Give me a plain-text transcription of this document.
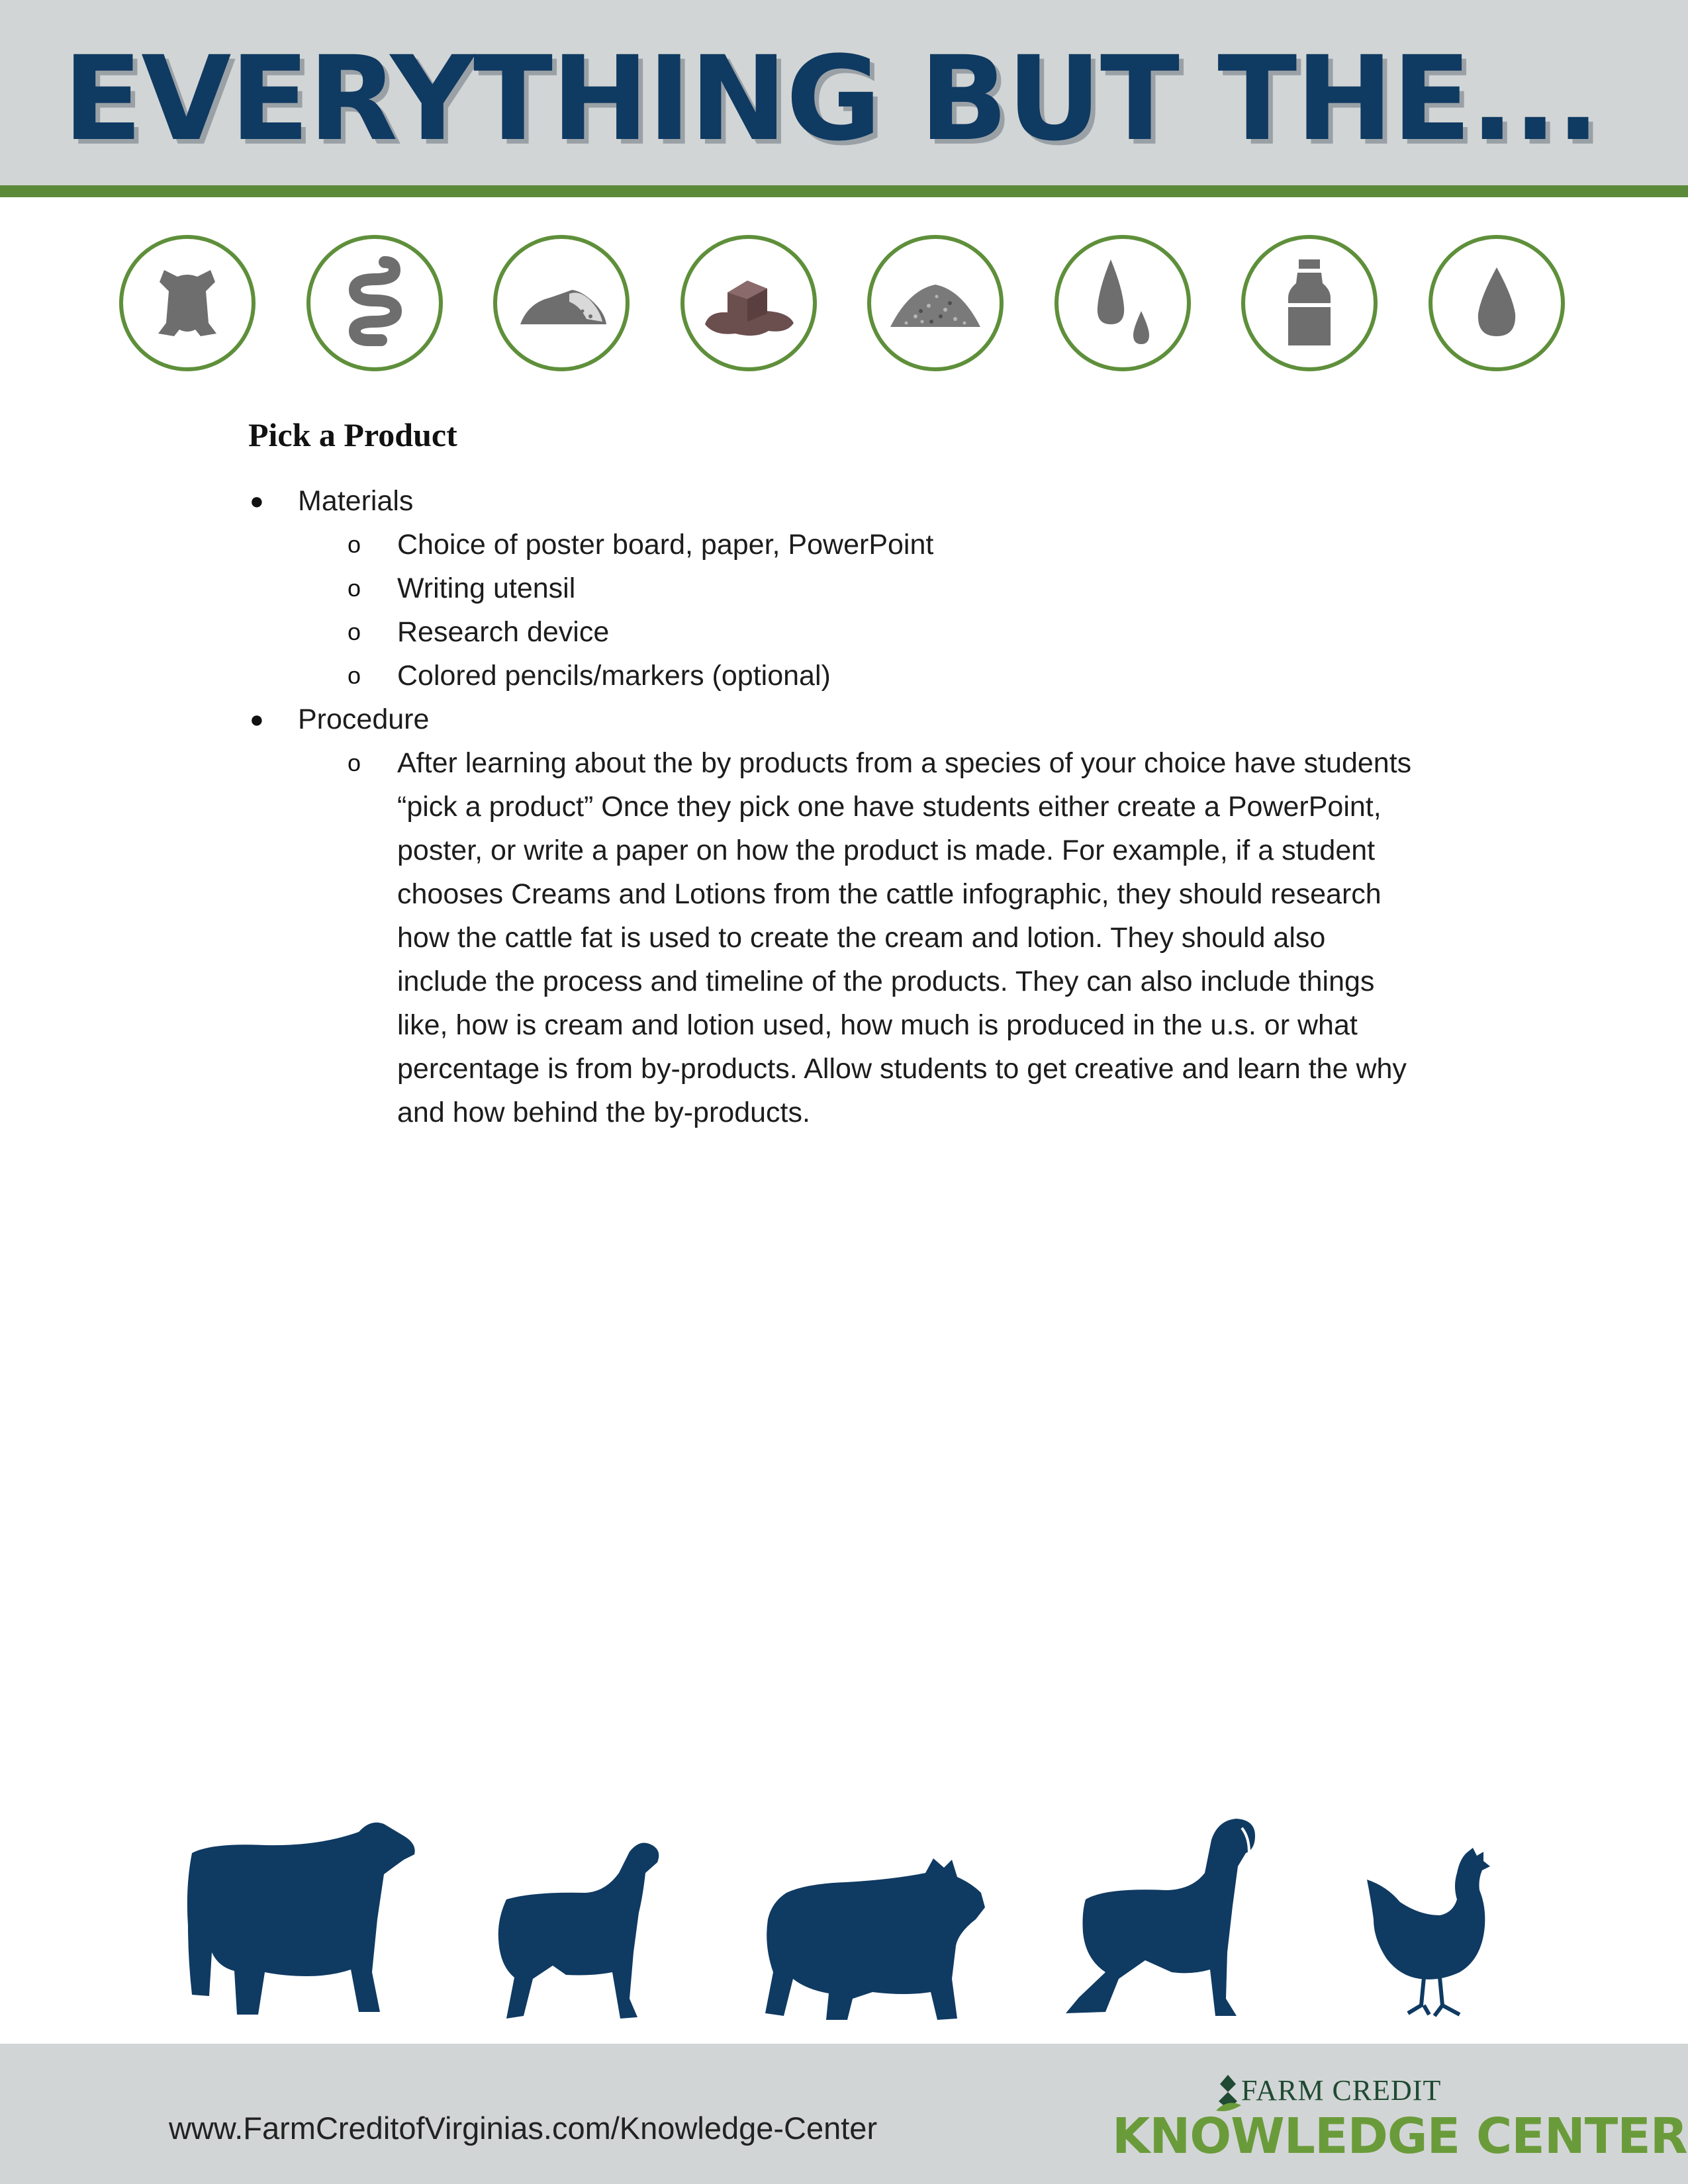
EVERYTHING BUT THE...
Pick a Product
●	Materials
o	Choice of poster board, paper, PowerPoint
o	Writing utensil
o	Research device
o	Colored pencils/markers (optional)
●	Procedure
o	After learning about the by products from a species of your choice have students
“pick a product” Once they pick one have students either create a PowerPoint,
poster, or write a paper on how the product is made. For example, if a student
chooses Creams and Lotions from the cattle infographic, they should research
how the cattle fat is used to create the cream and lotion. They should also
include the process and timeline of the products. They can also include things
like, how is cream and lotion used, how much is produced in the u.s. or what
percentage is from by-products. Allow students to get creative and learn the why
and how behind the by-products.
www.FarmCreditofVirginias.com/Knowledge-Center
FARM CREDIT
KNOWLEDGE CENTER
